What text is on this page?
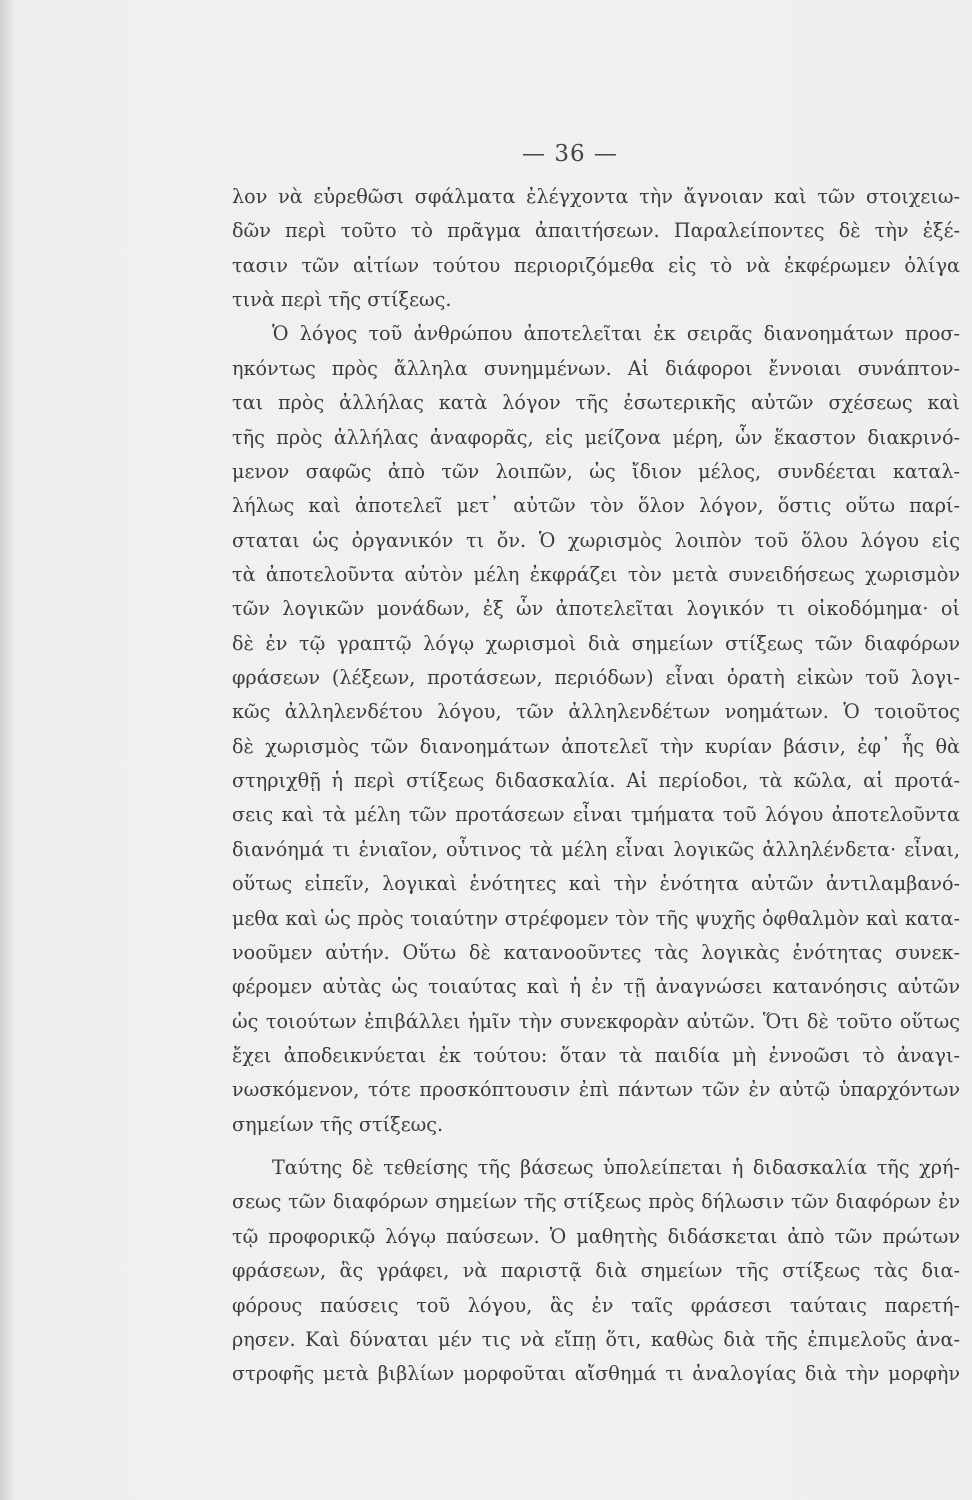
— 36 —
λον νὰ εὑρεθῶσι σφάλματα ἐλέγχοντα τὴν ἄγνοιαν καὶ τῶν στοιχειω-
δῶν περὶ τοῦτο τὸ πρᾶγμα ἀπαιτήσεων. Παραλείποντες δὲ τὴν ἐξέ-
τασιν τῶν αἰτίων τούτου περιοριζόμεθα εἰς τὸ νὰ ἐκφέρωμεν ὀλίγα
τινὰ περὶ τῆς στίξεως.
Ὁ λόγος τοῦ ἀνθρώπου ἀποτελεῖται ἐκ σειρᾶς διανοημάτων προσ-
ηκόντως πρὸς ἄλληλα συνημμένων. Αἱ διάφοροι ἔννοιαι συνάπτον-
ται πρὸς ἀλλήλας κατὰ λόγον τῆς ἐσωτερικῆς αὐτῶν σχέσεως καὶ
τῆς πρὸς ἀλλήλας ἀναφορᾶς, εἰς μείζονα μέρη, ὧν ἕκαστον διακρινό-
μενον σαφῶς ἀπὸ τῶν λοιπῶν, ὡς ἴδιον μέλος, συνδέεται καταλ-
λήλως καὶ ἀποτελεῖ μετ᾽ αὐτῶν τὸν ὅλον λόγον, ὅστις οὕτω παρί-
σταται ὡς ὀργανικόν τι ὄν. Ὁ χωρισμὸς λοιπὸν τοῦ ὅλου λόγου εἰς
τὰ ἀποτελοῦντα αὐτὸν μέλη ἐκφράζει τὸν μετὰ συνειδήσεως χωρισμὸν
τῶν λογικῶν μονάδων, ἐξ ὧν ἀποτελεῖται λογικόν τι οἰκοδόμημα· οἱ
δὲ ἐν τῷ γραπτῷ λόγῳ χωρισμοὶ διὰ σημείων στίξεως τῶν διαφόρων
φράσεων (λέξεων, προτάσεων, περιόδων) εἶναι ὁρατὴ εἰκὼν τοῦ λογι-
κῶς ἀλληλενδέτου λόγου, τῶν ἀλληλενδέτων νοημάτων. Ὁ τοιοῦτος
δὲ χωρισμὸς τῶν διανοημάτων ἀποτελεῖ τὴν κυρίαν βάσιν, ἐφ᾽ ἧς θὰ
στηριχθῇ ἡ περὶ στίξεως διδασκαλία. Αἱ περίοδοι, τὰ κῶλα, αἱ προτά-
σεις καὶ τὰ μέλη τῶν προτάσεων εἶναι τμήματα τοῦ λόγου ἀποτελοῦντα
διανόημά τι ἑνιαῖον, οὗτινος τὰ μέλη εἶναι λογικῶς ἀλληλένδετα· εἶναι,
οὕτως εἰπεῖν, λογικαὶ ἑνότητες καὶ τὴν ἑνότητα αὐτῶν ἀντιλαμβανό-
μεθα καὶ ὡς πρὸς τοιαύτην στρέφομεν τὸν τῆς ψυχῆς ὀφθαλμὸν καὶ κατα-
νοοῦμεν αὐτήν. Οὕτω δὲ κατανοοῦντες τὰς λογικὰς ἑνότητας συνεκ-
φέρομεν αὐτὰς ὡς τοιαύτας καὶ ἡ ἐν τῇ ἀναγνώσει κατανόησις αὐτῶν
ὡς τοιούτων ἐπιβάλλει ἡμῖν τὴν συνεκφορὰν αὐτῶν. Ὅτι δὲ τοῦτο οὕτως
ἔχει ἀποδεικνύεται ἐκ τούτου: ὅταν τὰ παιδία μὴ ἐννοῶσι τὸ ἀναγι-
νωσκόμενον, τότε προσκόπτουσιν ἐπὶ πάντων τῶν ἐν αὐτῷ ὑπαρχόντων
σημείων τῆς στίξεως.
Ταύτης δὲ τεθείσης τῆς βάσεως ὑπολείπεται ἡ διδασκαλία τῆς χρή-
σεως τῶν διαφόρων σημείων τῆς στίξεως πρὸς δήλωσιν τῶν διαφόρων ἐν
τῷ προφορικῷ λόγῳ παύσεων. Ὁ μαθητὴς διδάσκεται ἀπὸ τῶν πρώτων
φράσεων, ἃς γράφει, νὰ παριστᾷ διὰ σημείων τῆς στίξεως τὰς δια-
φόρους παύσεις τοῦ λόγου, ἃς ἐν ταῖς φράσεσι ταύταις παρετή-
ρησεν. Καὶ δύναται μέν τις νὰ εἴπῃ ὅτι, καθὼς διὰ τῆς ἐπιμελοῦς ἀνα-
στροφῆς μετὰ βιβλίων μορφοῦται αἴσθημά τι ἀναλογίας διὰ τὴν μορφὴν
